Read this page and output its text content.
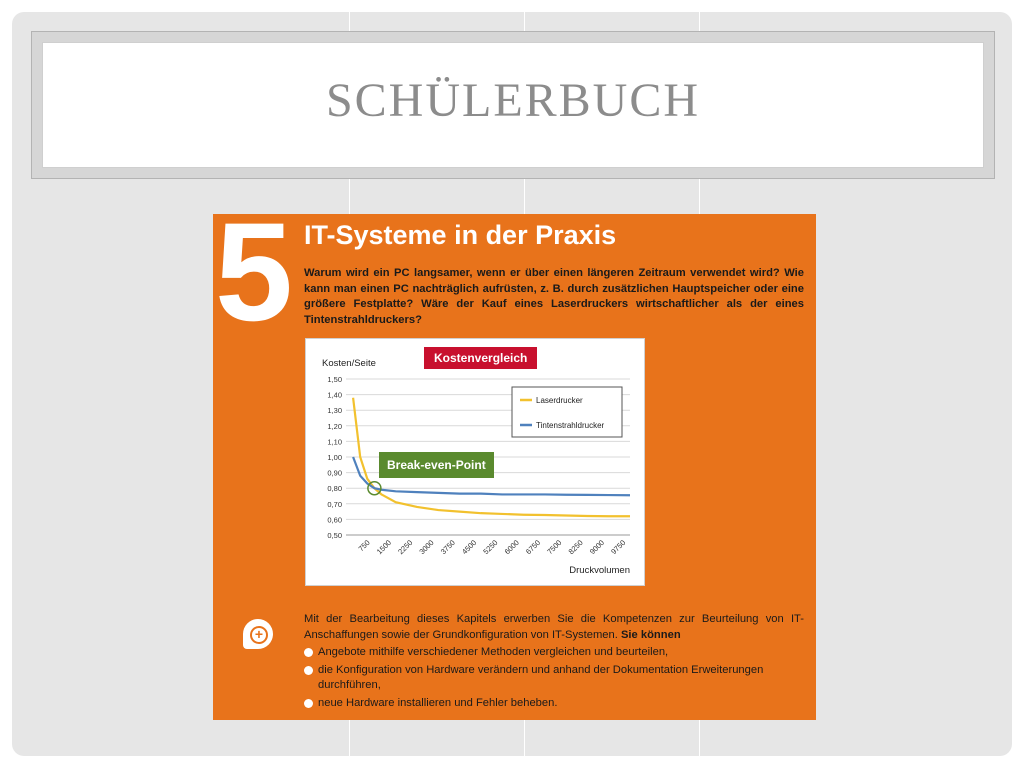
SCHÜLERBUCH
5 IT-Systeme in der Praxis
Warum wird ein PC langsamer, wenn er über einen längeren Zeitraum verwendet wird? Wie kann man einen PC nachträglich aufrüsten, z. B. durch zusätzlichen Hauptspeicher oder eine größere Festplatte? Wäre der Kauf eines Laserdruckers wirtschaftlicher als der eines Tintenstrahldruckers?
Kosten/Seite
1,50
1,40
1,30
1,20
1,10
1,00
0,90
0,80
0,70
0,60
0,50
750 1500 2250 3000 3750 4500 5250 6000 6750 7500 8250 9000 9750
Druckvolumen
Laserdrucker
Tintenstrahldrucker
Kostenvergleich
Break-even-Point
+

Mit der Bearbeitung dieses Kapitels erwerben Sie die Kompetenzen zur Beurteilung von IT-Anschaffungen sowie der Grundkonfiguration von IT-Systemen. Sie können

Angebote mithilfe verschiedener Methoden vergleichen und beurteilen,
die Konfiguration von Hardware verändern und anhand der Dokumentation Erweiterungen durchführen,
neue Hardware installieren und Fehler beheben.
